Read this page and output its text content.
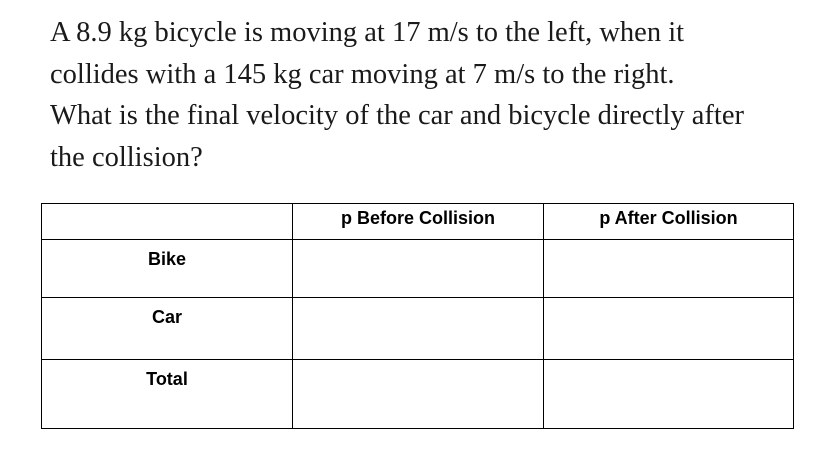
A 8.9 kg bicycle is moving at 17 m/s to the left, when it
collides with a 145 kg car moving at 7 m/s to the right.
What is the final velocity of the car and bicycle directly after
the collision?

	p Before Collision	p After Collision

Bike		

Car		

Total		
